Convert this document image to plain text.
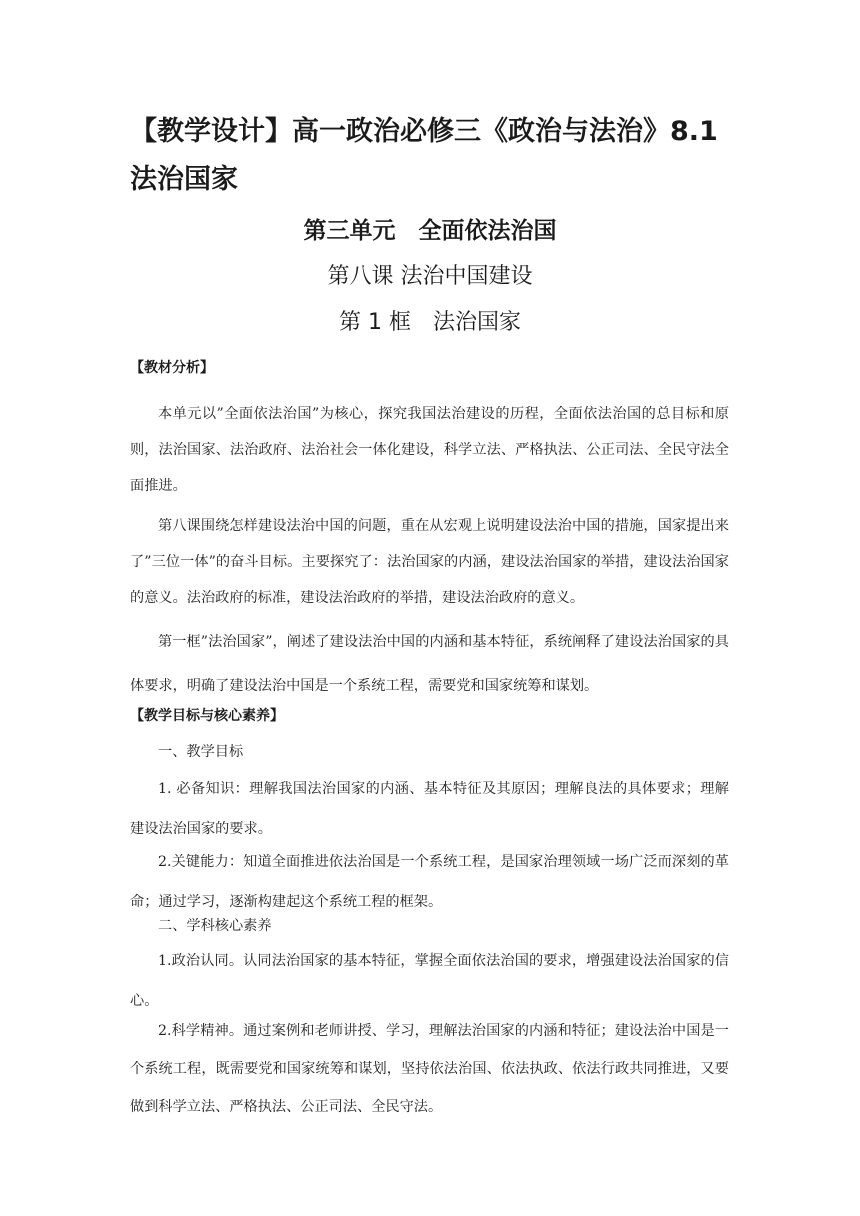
【教学设计】高一政治必修三《政治与法治》8.1 法治国家
第三单元　全面依法治国
第八课 法治中国建设
第 1 框　法治国家
【教材分析】

本单元以”全面依法治国”为核心，探究我国法治建设的历程，全面依法治国的总目标和原则，法治国家、法治政府、法治社会一体化建设，科学立法、严格执法、公正司法、全民守法全面推进。

第八课围绕怎样建设法治中国的问题，重在从宏观上说明建设法治中国的措施，国家提出来了”三位一体”的奋斗目标。主要探究了：法治国家的内涵，建设法治国家的举措，建设法治国家的意义。法治政府的标准，建设法治政府的举措，建设法治政府的意义。

第一框”法治国家”，阐述了建设法治中国的内涵和基本特征，系统阐释了建设法治国家的具体要求，明确了建设法治中国是一个系统工程，需要党和国家统筹和谋划。

【教学目标与核心素养】
一、教学目标

1. 必备知识：理解我国法治国家的内涵、基本特征及其原因；理解良法的具体要求；理解建设法治国家的要求。

2.关键能力：知道全面推进依法治国是一个系统工程，是国家治理领域一场广泛而深刻的革命；通过学习，逐渐构建起这个系统工程的框架。

二、学科核心素养

1.政治认同。认同法治国家的基本特征，掌握全面依法治国的要求，增强建设法治国家的信心。

2.科学精神。通过案例和老师讲授、学习，理解法治国家的内涵和特征；建设法治中国是一个系统工程，既需要党和国家统筹和谋划，坚持依法治国、依法执政、依法行政共同推进，又要做到科学立法、严格执法、公正司法、全民守法。
